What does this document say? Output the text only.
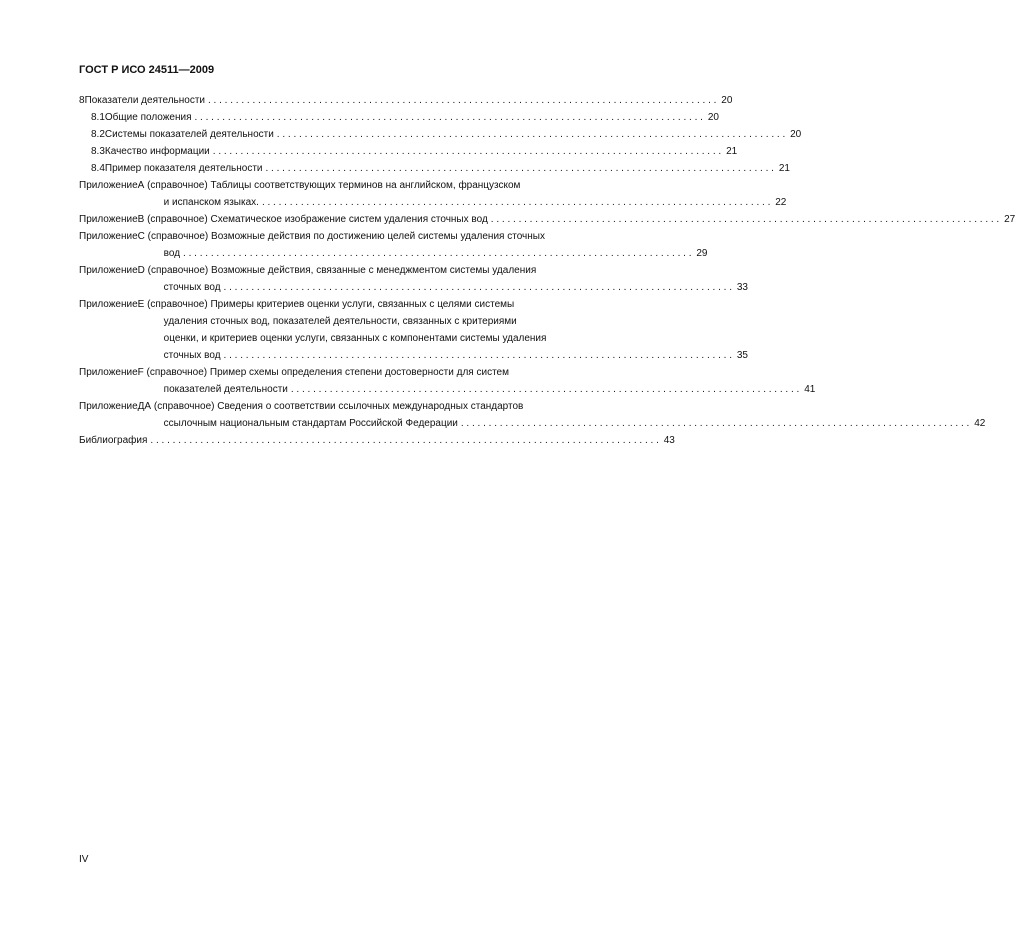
ГОСТ Р ИСО 24511—2009
8 Показатели деятельности . . .	20
8.1 Общие положения . . .	20
8.2 Системы показателей деятельности . . .	20
8.3 Качество информации . . .	21
8.4 Пример показателя деятельности . . .	21
Приложение А (справочное) Таблицы соответствующих терминов на английском, французском
и испанском языках. . . .	22
Приложение В (справочное) Схематическое изображение систем удаления сточных вод . . .	27
Приложение С (справочное) Возможные действия по достижению целей системы удаления сточных
вод . . .	29
Приложение D (справочное) Возможные действия, связанные с менеджментом системы удаления
сточных вод . . .	33
Приложение Е (справочное) Примеры критериев оценки услуги, связанных с целями системы
удаления сточных вод, показателей деятельности, связанных с критериями
оценки, и критериев оценки услуги, связанных с компонентами системы удаления
сточных вод . . .	35
Приложение F (справочное) Пример схемы определения степени достоверности для систем
показателей деятельности . . .	41
Приложение ДА (справочное) Сведения о соответствии ссылочных международных стандартов
ссылочным национальным стандартам Российской Федерации . . .	42
Библиография . . .	43
IV
